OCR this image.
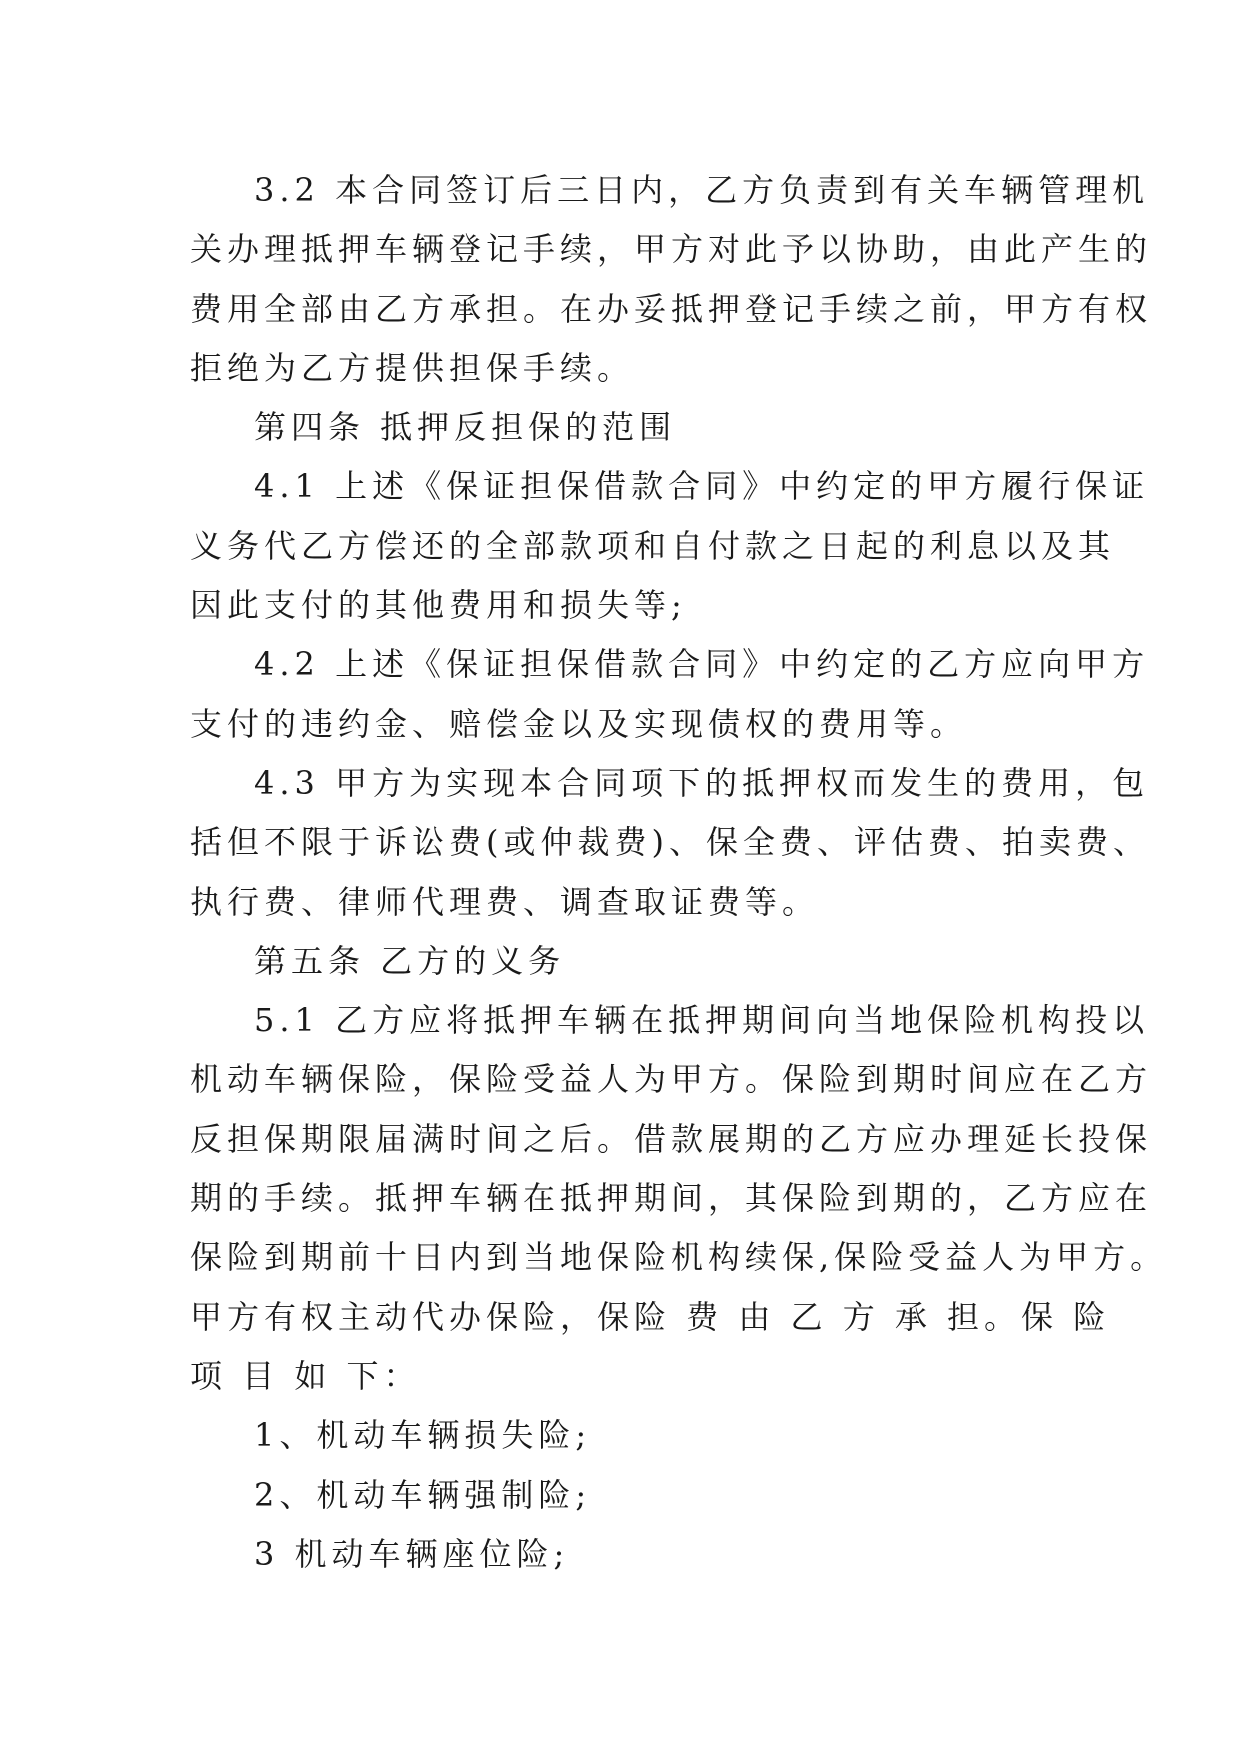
3.2 本合同签订后三日内，乙方负责到有关车辆管理机
关办理抵押车辆登记手续，甲方对此予以协助，由此产生的
费用全部由乙方承担。在办妥抵押登记手续之前，甲方有权
拒绝为乙方提供担保手续。
第四条 抵押反担保的范围
4.1 上述《保证担保借款合同》中约定的甲方履行保证
义务代乙方偿还的全部款项和自付款之日起的利息以及其
因此支付的其他费用和损失等;
4.2 上述《保证担保借款合同》中约定的乙方应向甲方
支付的违约金、赔偿金以及实现债权的费用等。
4.3 甲方为实现本合同项下的抵押权而发生的费用，包
括但不限于诉讼费(或仲裁费)、保全费、评估费、拍卖费、
执行费、律师代理费、调查取证费等。
第五条 乙方的义务
5.1 乙方应将抵押车辆在抵押期间向当地保险机构投以
机动车辆保险，保险受益人为甲方。保险到期时间应在乙方
反担保期限届满时间之后。借款展期的乙方应办理延长投保
期的手续。抵押车辆在抵押期间，其保险到期的，乙方应在
保险到期前十日内到当地保险机构续保,保险受益人为甲方。
甲方有权主动代办保险，保险 费 由 乙 方 承 担。保 险
项 目 如 下：
1、机动车辆损失险;
2、机动车辆强制险;
3 机动车辆座位险;
